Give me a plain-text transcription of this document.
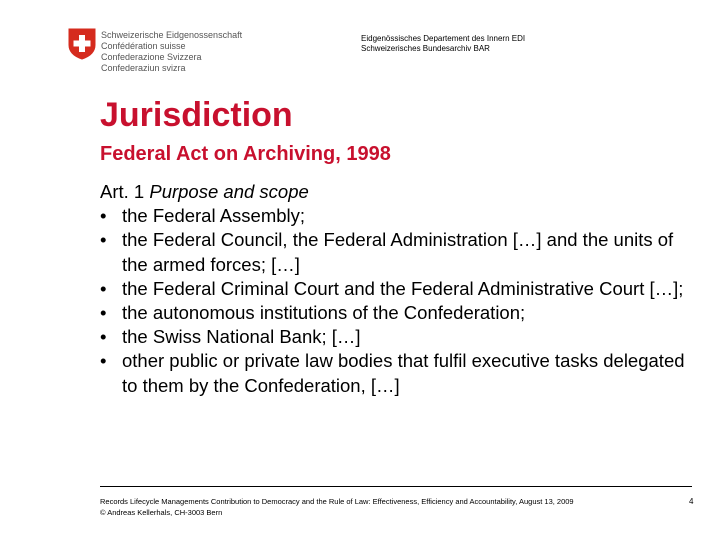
Schweizerische Eidgenossenschaft
Confédération suisse
Confederazione Svizzera
Confederaziun svizra
Eidgenössisches Departement des Innern EDI
Schweizerisches Bundesarchiv BAR
Jurisdiction
Federal Act on Archiving, 1998
Art. 1 Purpose and scope
• the Federal Assembly;
• the Federal Council, the Federal Administration […] and the units of the armed forces; […]
• the Federal Criminal Court and the Federal Administrative Court […];
• the autonomous institutions of the Confederation;
• the Swiss National Bank; […]
• other public or private law bodies that fulfil executive tasks delegated to them by the Confederation, […]
Records Lifecycle Managements Contribution to Democracy and the Rule of Law: Effectiveness, Efficiency and Accountability, August 13, 2009
© Andreas Kellerhals, CH-3003 Bern
4
